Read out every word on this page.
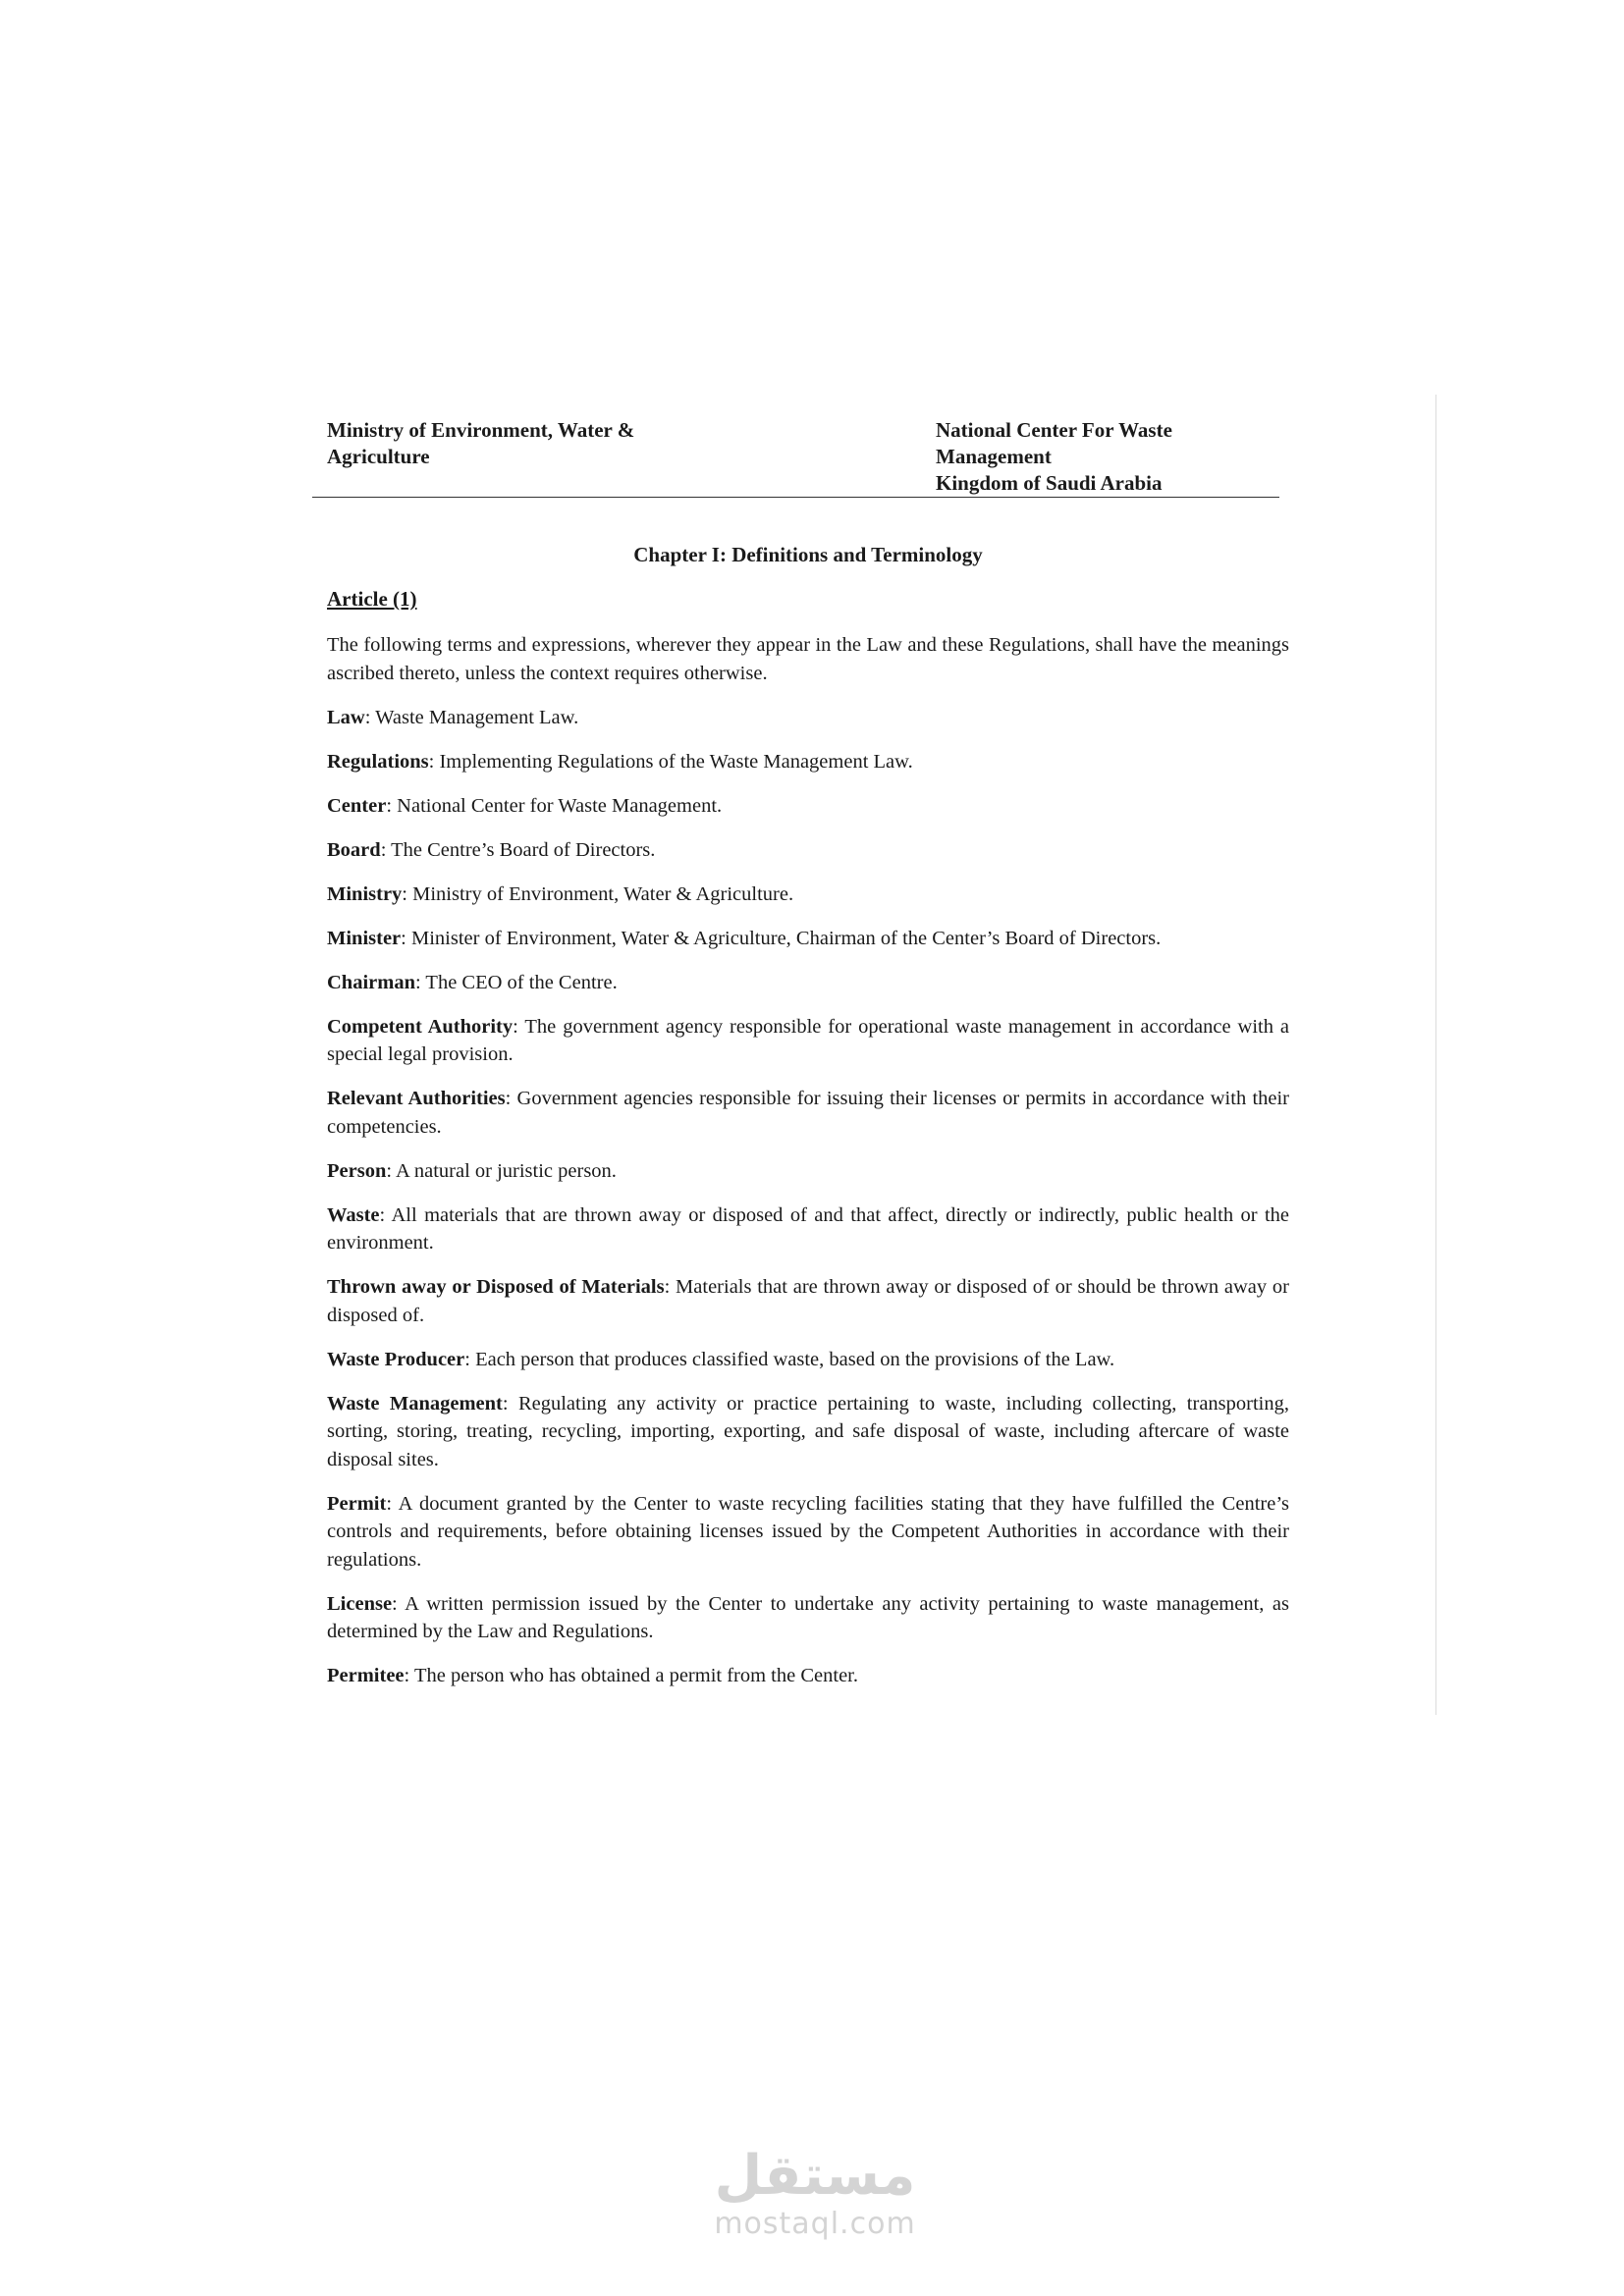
Ministry of Environment, Water &
Agriculture
National Center For Waste
Management
Kingdom of Saudi Arabia
Chapter I: Definitions and Terminology
Article (1)

The following terms and expressions, wherever they appear in the Law and these Regulations, shall have the meanings ascribed thereto, unless the context requires otherwise.

Law: Waste Management Law.

Regulations: Implementing Regulations of the Waste Management Law.

Center: National Center for Waste Management.

Board: The Centre’s Board of Directors.

Ministry: Ministry of Environment, Water & Agriculture.

Minister: Minister of Environment, Water & Agriculture, Chairman of the Center’s Board of Directors.

Chairman: The CEO of the Centre.

Competent Authority: The government agency responsible for operational waste management in accordance with a special legal provision.

Relevant Authorities: Government agencies responsible for issuing their licenses or permits in accordance with their competencies.

Person: A natural or juristic person.

Waste: All materials that are thrown away or disposed of and that affect, directly or indirectly, public health or the environment.

Thrown away or Disposed of Materials: Materials that are thrown away or disposed of or should be thrown away or disposed of.

Waste Producer: Each person that produces classified waste, based on the provisions of the Law.

Waste Management: Regulating any activity or practice pertaining to waste, including collecting, transporting, sorting, storing, treating, recycling, importing, exporting, and safe disposal of waste, including aftercare of waste disposal sites.

Permit: A document granted by the Center to waste recycling facilities stating that they have fulfilled the Centre’s controls and requirements, before obtaining licenses issued by the Competent Authorities in accordance with their regulations.

License: A written permission issued by the Center to undertake any activity pertaining to waste management, as determined by the Law and Regulations.

Permitee: The person who has obtained a permit from the Center.

مستقل
mostaql.com
